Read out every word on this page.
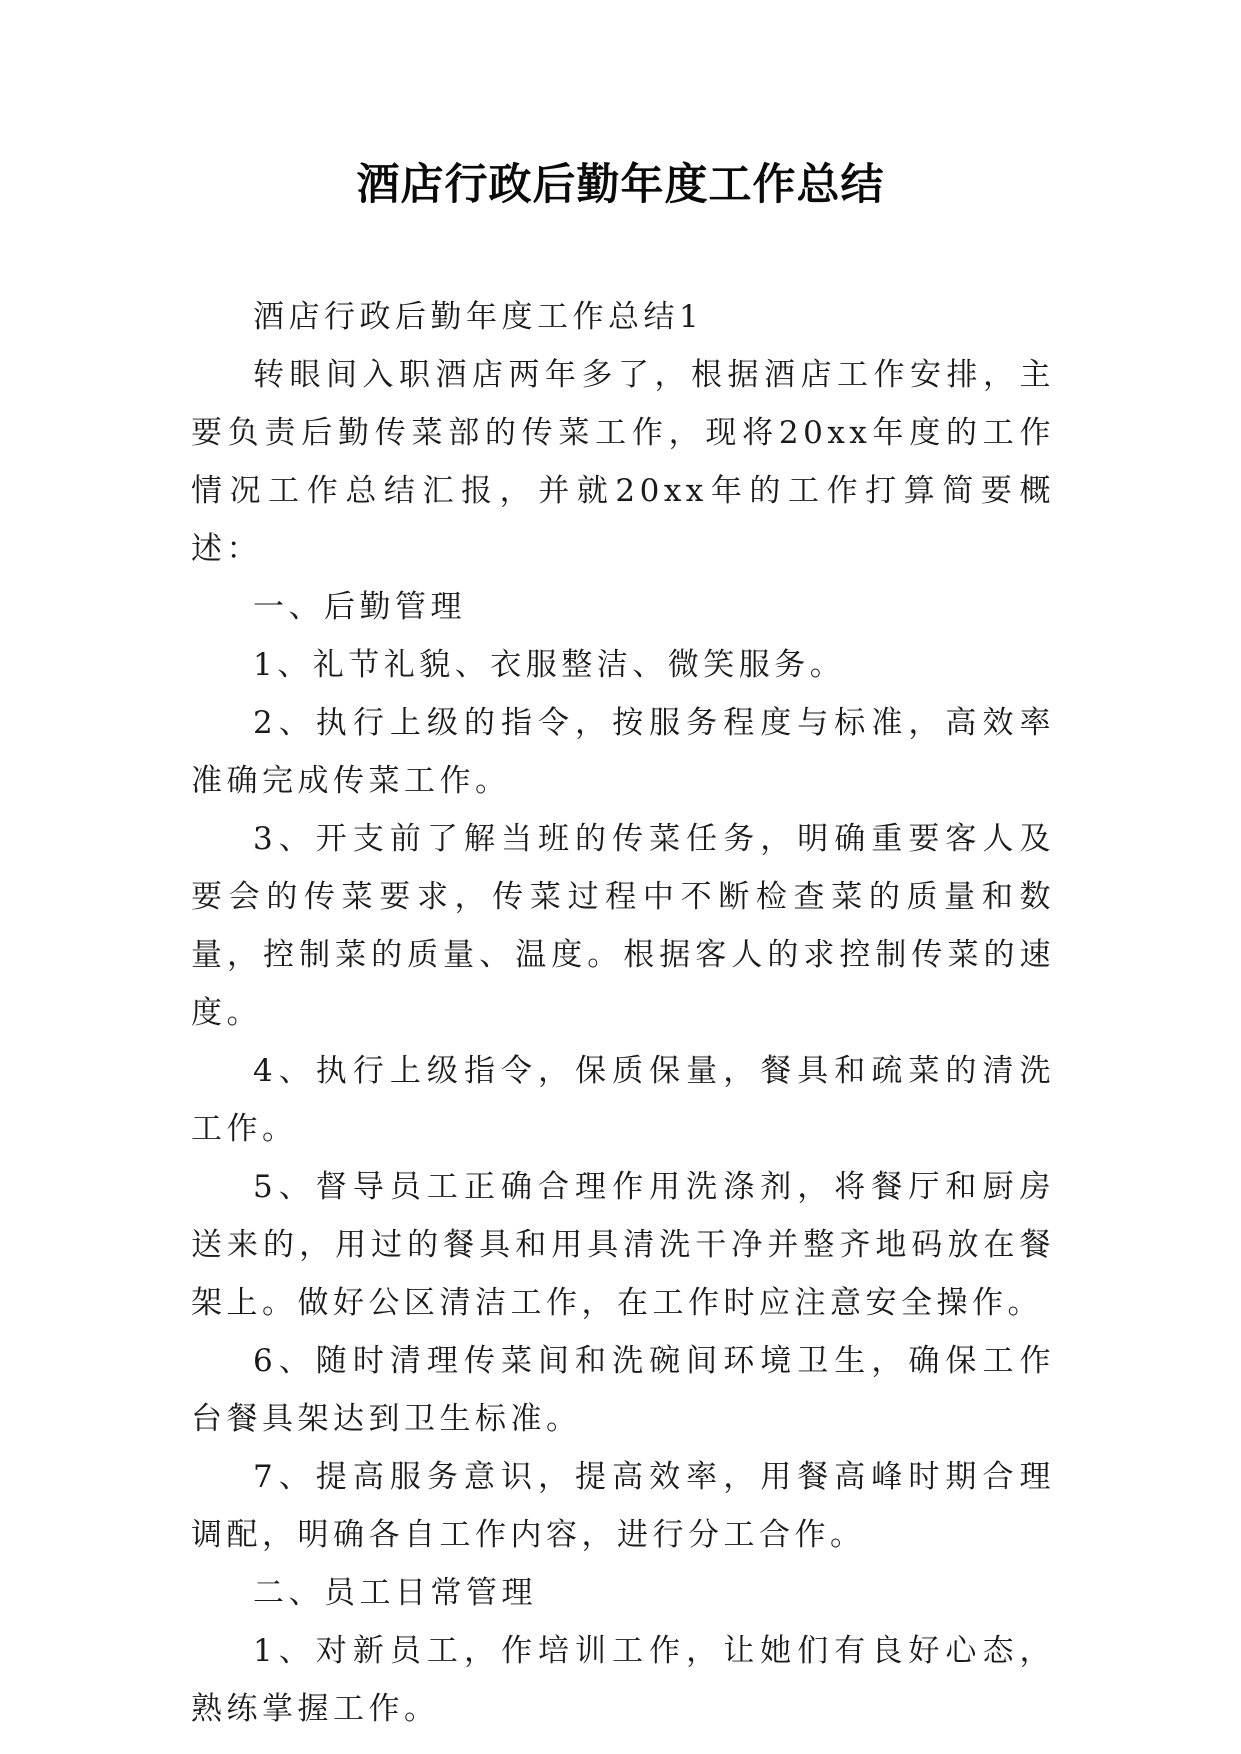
酒店行政后勤年度工作总结

酒店行政后勤年度工作总结1

转眼间入职酒店两年多了，根据酒店工作安排，主要负责后勤传菜部的传菜工作，现将20xx年度的工作情况工作总结汇报，并就20xx年的工作打算简要概述：

一、后勤管理

1、礼节礼貌、衣服整洁、微笑服务。

2、执行上级的指令，按服务程度与标准，高效率准确完成传菜工作。

3、开支前了解当班的传菜任务，明确重要客人及要会的传菜要求，传菜过程中不断检查菜的质量和数量，控制菜的质量、温度。根据客人的求控制传菜的速度。

4、执行上级指令，保质保量，餐具和疏菜的清洗工作。

5、督导员工正确合理作用洗涤剂，将餐厅和厨房送来的，用过的餐具和用具清洗干净并整齐地码放在餐架上。做好公区清洁工作，在工作时应注意安全操作。

6、随时清理传菜间和洗碗间环境卫生，确保工作台餐具架达到卫生标准。

7、提高服务意识，提高效率，用餐高峰时期合理调配，明确各自工作内容，进行分工合作。

二、员工日常管理

1、对新员工，作培训工作，让她们有良好心态，熟练掌握工作。
